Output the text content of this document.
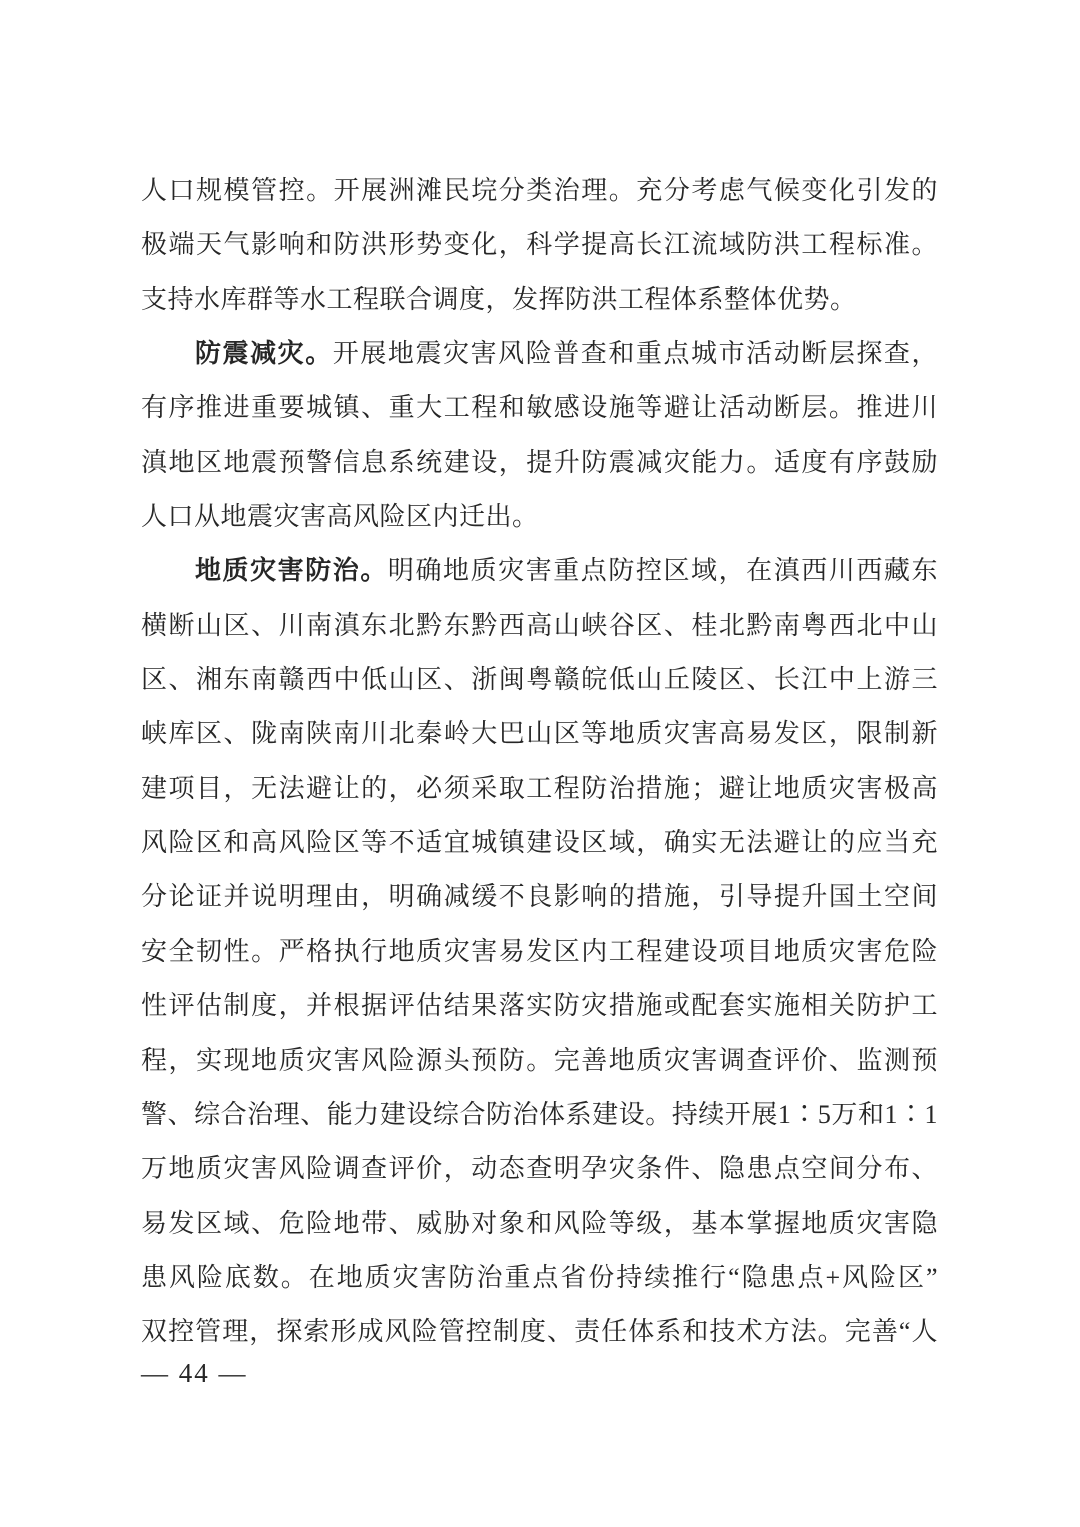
人口规模管控。开展洲滩民垸分类治理。充分考虑气候变化引发的
极端天气影响和防洪形势变化，科学提高长江流域防洪工程标准。
支持水库群等水工程联合调度，发挥防洪工程体系整体优势。
防震减灾。开展地震灾害风险普查和重点城市活动断层探查，
有序推进重要城镇、重大工程和敏感设施等避让活动断层。推进川
滇地区地震预警信息系统建设，提升防震减灾能力。适度有序鼓励
人口从地震灾害高风险区内迁出。
地质灾害防治。明确地质灾害重点防控区域，在滇西川西藏东
横断山区、川南滇东北黔东黔西高山峡谷区、桂北黔南粤西北中山
区、湘东南赣西中低山区、浙闽粤赣皖低山丘陵区、长江中上游三
峡库区、陇南陕南川北秦岭大巴山区等地质灾害高易发区，限制新
建项目，无法避让的，必须采取工程防治措施；避让地质灾害极高
风险区和高风险区等不适宜城镇建设区域，确实无法避让的应当充
分论证并说明理由，明确减缓不良影响的措施，引导提升国土空间
安全韧性。严格执行地质灾害易发区内工程建设项目地质灾害危险
性评估制度，并根据评估结果落实防灾措施或配套实施相关防护工
程，实现地质灾害风险源头预防。完善地质灾害调查评价、监测预
警、综合治理、能力建设综合防治体系建设。持续开展1∶5万和1∶1
万地质灾害风险调查评价，动态查明孕灾条件、隐患点空间分布、
易发区域、危险地带、威胁对象和风险等级，基本掌握地质灾害隐
患风险底数。在地质灾害防治重点省份持续推行“隐患点+风险区”
双控管理，探索形成风险管控制度、责任体系和技术方法。完善“人
— 44 —
